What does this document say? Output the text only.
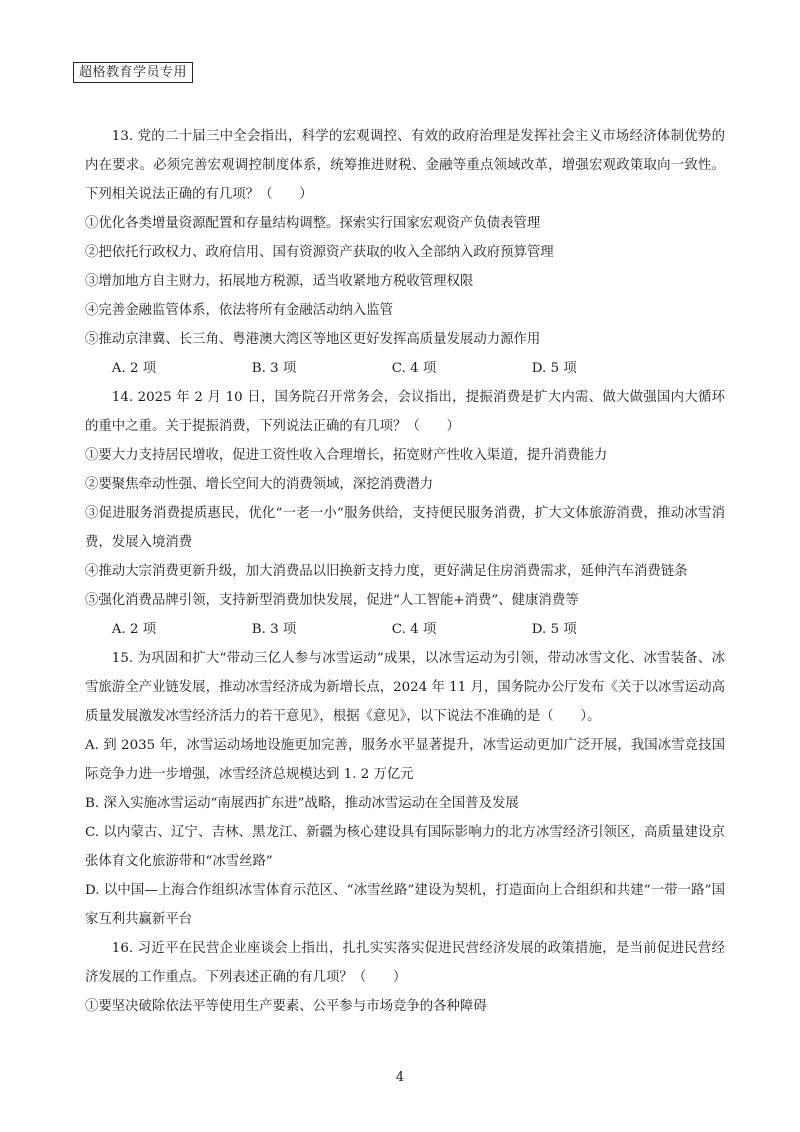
超格教育学员专用

13. 党的二十届三中全会指出，科学的宏观调控、有效的政府治理是发挥社会主义市场经济体制优势的内在要求。必须完善宏观调控制度体系，统筹推进财税、金融等重点领域改革，增强宏观政策取向一致性。下列相关说法正确的有几项？（　　）

①优化各类增量资源配置和存量结构调整。探索实行国家宏观资产负债表管理

②把依托行政权力、政府信用、国有资源资产获取的收入全部纳入政府预算管理

③增加地方自主财力，拓展地方税源，适当收紧地方税收管理权限

④完善金融监管体系，依法将所有金融活动纳入监管

⑤推动京津冀、长三角、粤港澳大湾区等地区更好发挥高质量发展动力源作用

A. 2 项	B. 3 项	C. 4 项	D. 5 项

14. 2025 年 2 月 10 日，国务院召开常务会，会议指出，提振消费是扩大内需、做大做强国内大循环的重中之重。关于提振消费，下列说法正确的有几项？（　　）

①要大力支持居民增收，促进工资性收入合理增长，拓宽财产性收入渠道，提升消费能力

②要聚焦牵动性强、增长空间大的消费领域，深挖消费潜力

③促进服务消费提质惠民，优化“一老一小”服务供给，支持便民服务消费，扩大文体旅游消费，推动冰雪消费，发展入境消费

④推动大宗消费更新升级，加大消费品以旧换新支持力度，更好满足住房消费需求，延伸汽车消费链条

⑤强化消费品牌引领，支持新型消费加快发展，促进“人工智能+消费”、健康消费等

A. 2 项	B. 3 项	C. 4 项	D. 5 项

15. 为巩固和扩大“带动三亿人参与冰雪运动”成果，以冰雪运动为引领，带动冰雪文化、冰雪装备、冰雪旅游全产业链发展，推动冰雪经济成为新增长点，2024 年 11 月，国务院办公厅发布《关于以冰雪运动高质量发展激发冰雪经济活力的若干意见》，根据《意见》，以下说法不准确的是（　　）。

A. 到 2035 年，冰雪运动场地设施更加完善，服务水平显著提升，冰雪运动更加广泛开展，我国冰雪竞技国际竞争力进一步增强，冰雪经济总规模达到 1. 2 万亿元

B. 深入实施冰雪运动“南展西扩东进”战略，推动冰雪运动在全国普及发展

C. 以内蒙古、辽宁、吉林、黑龙江、新疆为核心建设具有国际影响力的北方冰雪经济引领区，高质量建设京张体育文化旅游带和“冰雪丝路”

D. 以中国—上海合作组织冰雪体育示范区、“冰雪丝路”建设为契机，打造面向上合组织和共建“一带一路”国家互利共赢新平台

16. 习近平在民营企业座谈会上指出，扎扎实实落实促进民营经济发展的政策措施，是当前促进民营经济发展的工作重点。下列表述正确的有几项？（　　）

①要坚决破除依法平等使用生产要素、公平参与市场竞争的各种障碍

4
